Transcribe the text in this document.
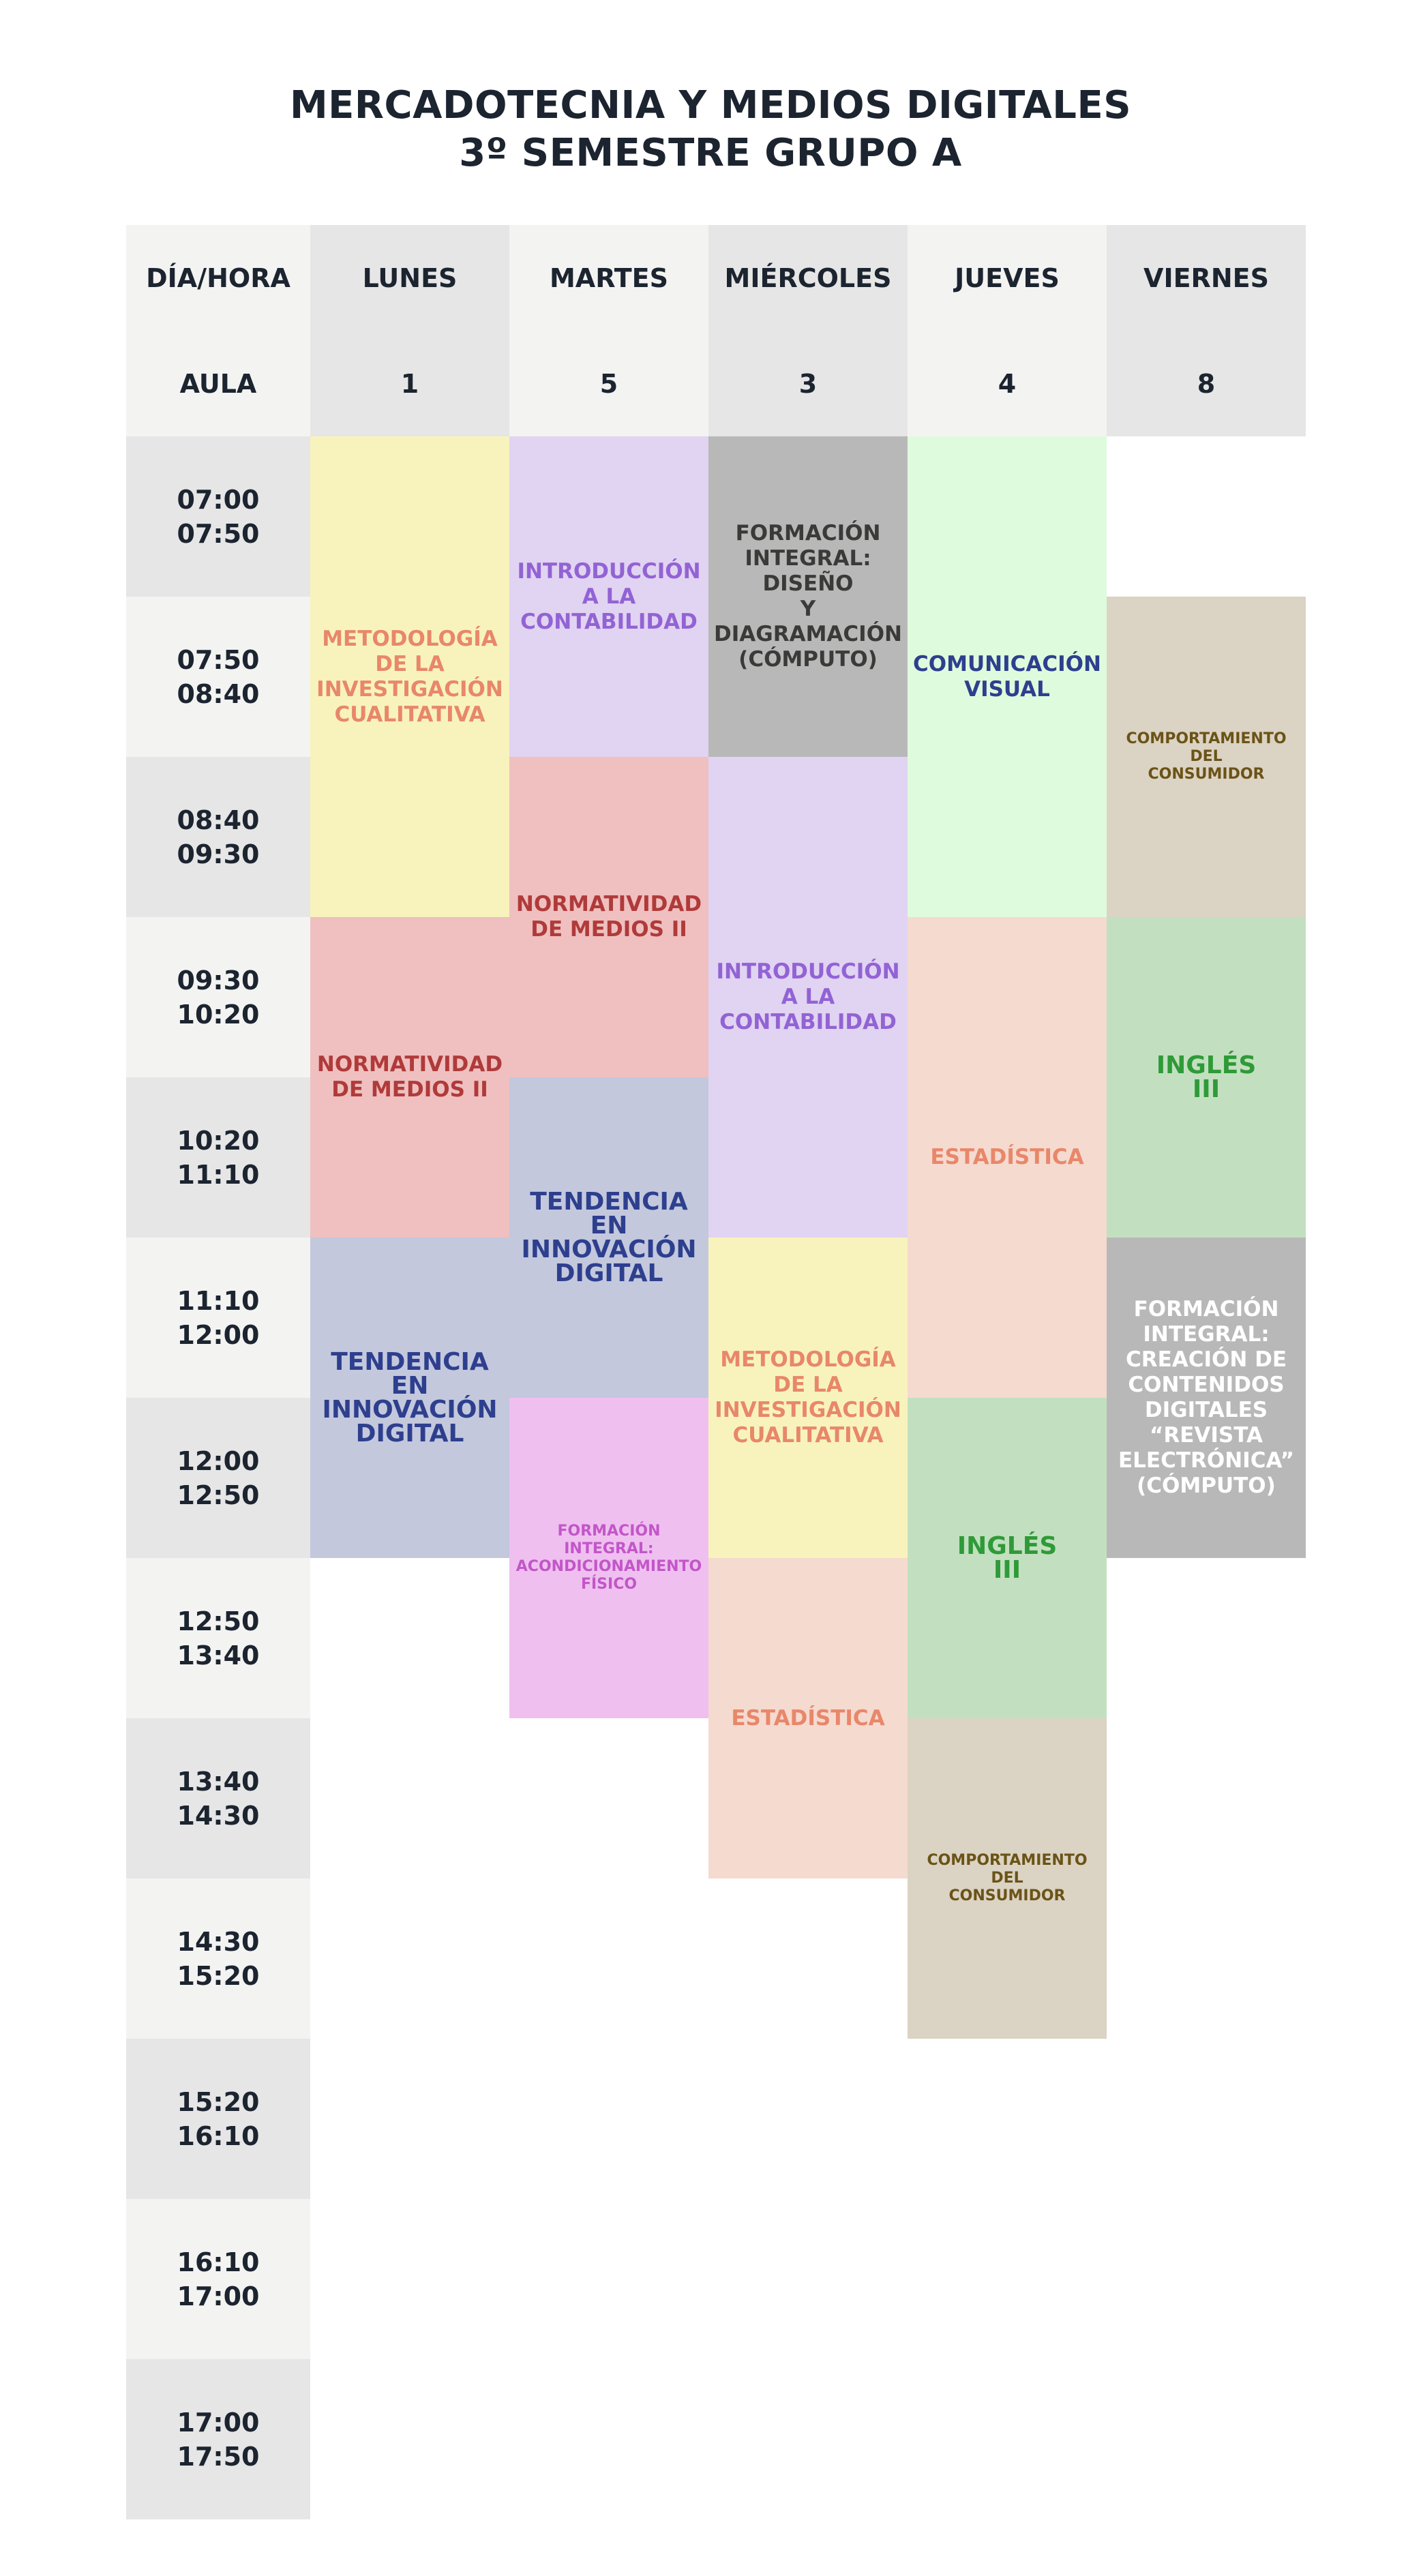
MERCADOTECNIA Y MEDIOS DIGITALES
3º SEMESTRE GRUPO A
DÍA/HORA
AULA
LUNES
1
MARTES
5
MIÉRCOLES
3
JUEVES
4
VIERNES
8
07:00
07:50
07:50
08:40
08:40
09:30
09:30
10:20
10:20
11:10
11:10
12:00
12:00
12:50
12:50
13:40
13:40
14:30
14:30
15:20
15:20
16:10
16:10
17:00
17:00
17:50
METODOLOGÍA
DE LA
INVESTIGACIÓN
CUALITATIVA
NORMATIVIDAD
DE MEDIOS II
TENDENCIA
EN
INNOVACIÓN
DIGITAL
INTRODUCCIÓN
A LA
CONTABILIDAD
NORMATIVIDAD
DE MEDIOS II
TENDENCIA
EN
INNOVACIÓN
DIGITAL
FORMACIÓN
INTEGRAL:
ACONDICIONAMIENTO
FÍSICO
FORMACIÓN
INTEGRAL:
DISEÑO
Y
DIAGRAMACIÓN
(CÓMPUTO)
INTRODUCCIÓN
A LA
CONTABILIDAD
METODOLOGÍA
DE LA
INVESTIGACIÓN
CUALITATIVA
ESTADÍSTICA
COMUNICACIÓN
VISUAL
ESTADÍSTICA
INGLÉS
III
COMPORTAMIENTO
DEL
CONSUMIDOR
COMPORTAMIENTO
DEL
CONSUMIDOR
INGLÉS
III
FORMACIÓN
INTEGRAL:
CREACIÓN DE
CONTENIDOS
DIGITALES
“REVISTA
ELECTRÓNICA”
(CÓMPUTO)
